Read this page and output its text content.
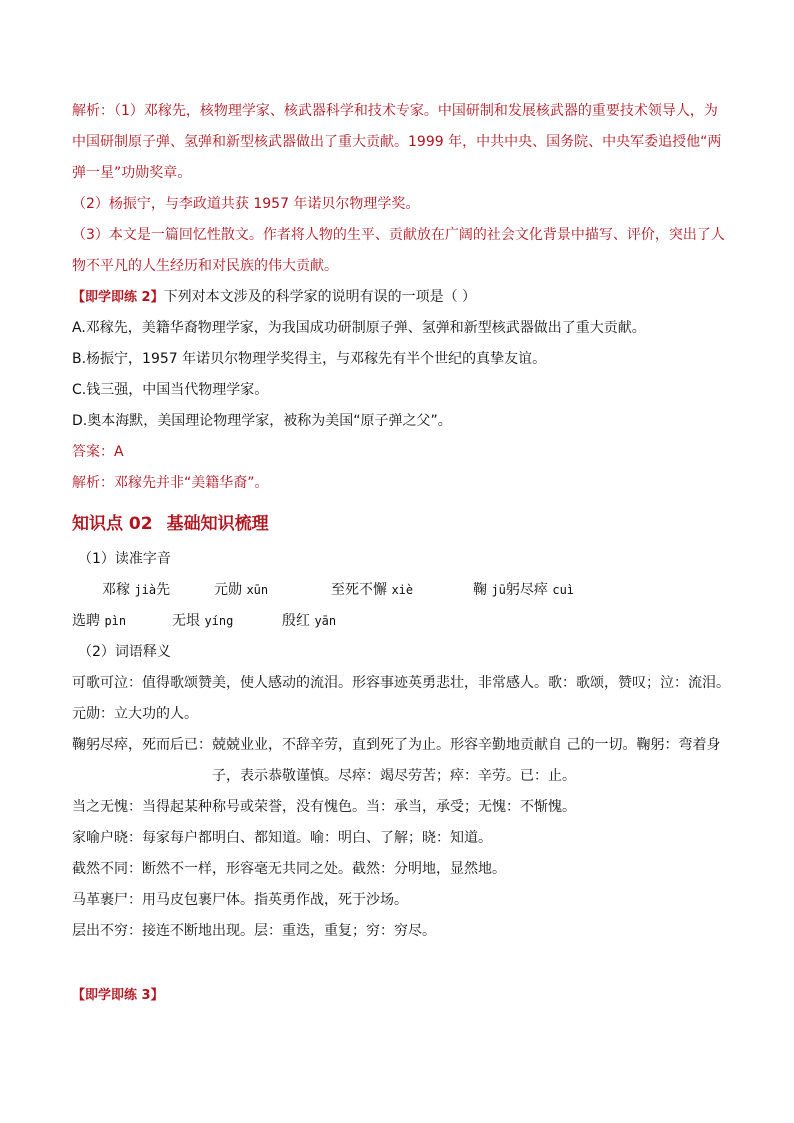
解析：（1）邓稼先，核物理学家、核武器科学和技术专家。中国研制和发展核武器的重要技术领导人，为
中国研制原子弹、氢弹和新型核武器做出了重大贡献。1999 年，中共中央、国务院、中央军委追授他“两
弹一星”功勋奖章。
（2）杨振宁，与李政道共获 1957 年诺贝尔物理学奖。
（3）本文是一篇回忆性散文。作者将人物的生平、贡献放在广阔的社会文化背景中描写、评价，突出了人
物不平凡的人生经历和对民族的伟大贡献。
【即学即练 2】下列对本文涉及的科学家的说明有误的一项是（ ）
A.邓稼先，美籍华裔物理学家，为我国成功研制原子弹、氢弹和新型核武器做出了重大贡献。
B.杨振宁，1957 年诺贝尔物理学奖得主，与邓稼先有半个世纪的真挚友谊。
C.钱三强，中国当代物理学家。
D.奥本海默，美国理论物理学家，被称为美国“原子弹之父”。
答案：A
解析：邓稼先并非“美籍华裔”。
知识点 02 基础知识梳理
（1）读准字音
邓稼 jià先	元勋 xūn	至死不懈 xiè	鞠 jū躬尽瘁 cuì
选聘 pìn	无垠 yíng	殷红 yān
（2）词语释义
可歌可泣：值得歌颂赞美，使人感动的流泪。形容事迹英勇悲壮，非常感人。歌：歌颂，赞叹；泣：流泪。
元勋：立大功的人。
鞠躬尽瘁，死而后已：兢兢业业，不辞辛劳，直到死了为止。形容辛勤地贡献自 己的一切。鞠躬：弯着身
子，表示恭敬谨慎。尽瘁：竭尽劳苦；瘁：辛劳。已：止。
当之无愧：当得起某种称号或荣誉，没有愧色。当：承当，承受；无愧：不惭愧。
家喻户晓：每家每户都明白、都知道。喻：明白、了解；晓：知道。
截然不同：断然不一样，形容毫无共同之处。截然：分明地，显然地。
马革裹尸：用马皮包裹尸体。指英勇作战，死于沙场。
层出不穷：接连不断地出现。层：重迭，重复；穷：穷尽。
【即学即练 3】
